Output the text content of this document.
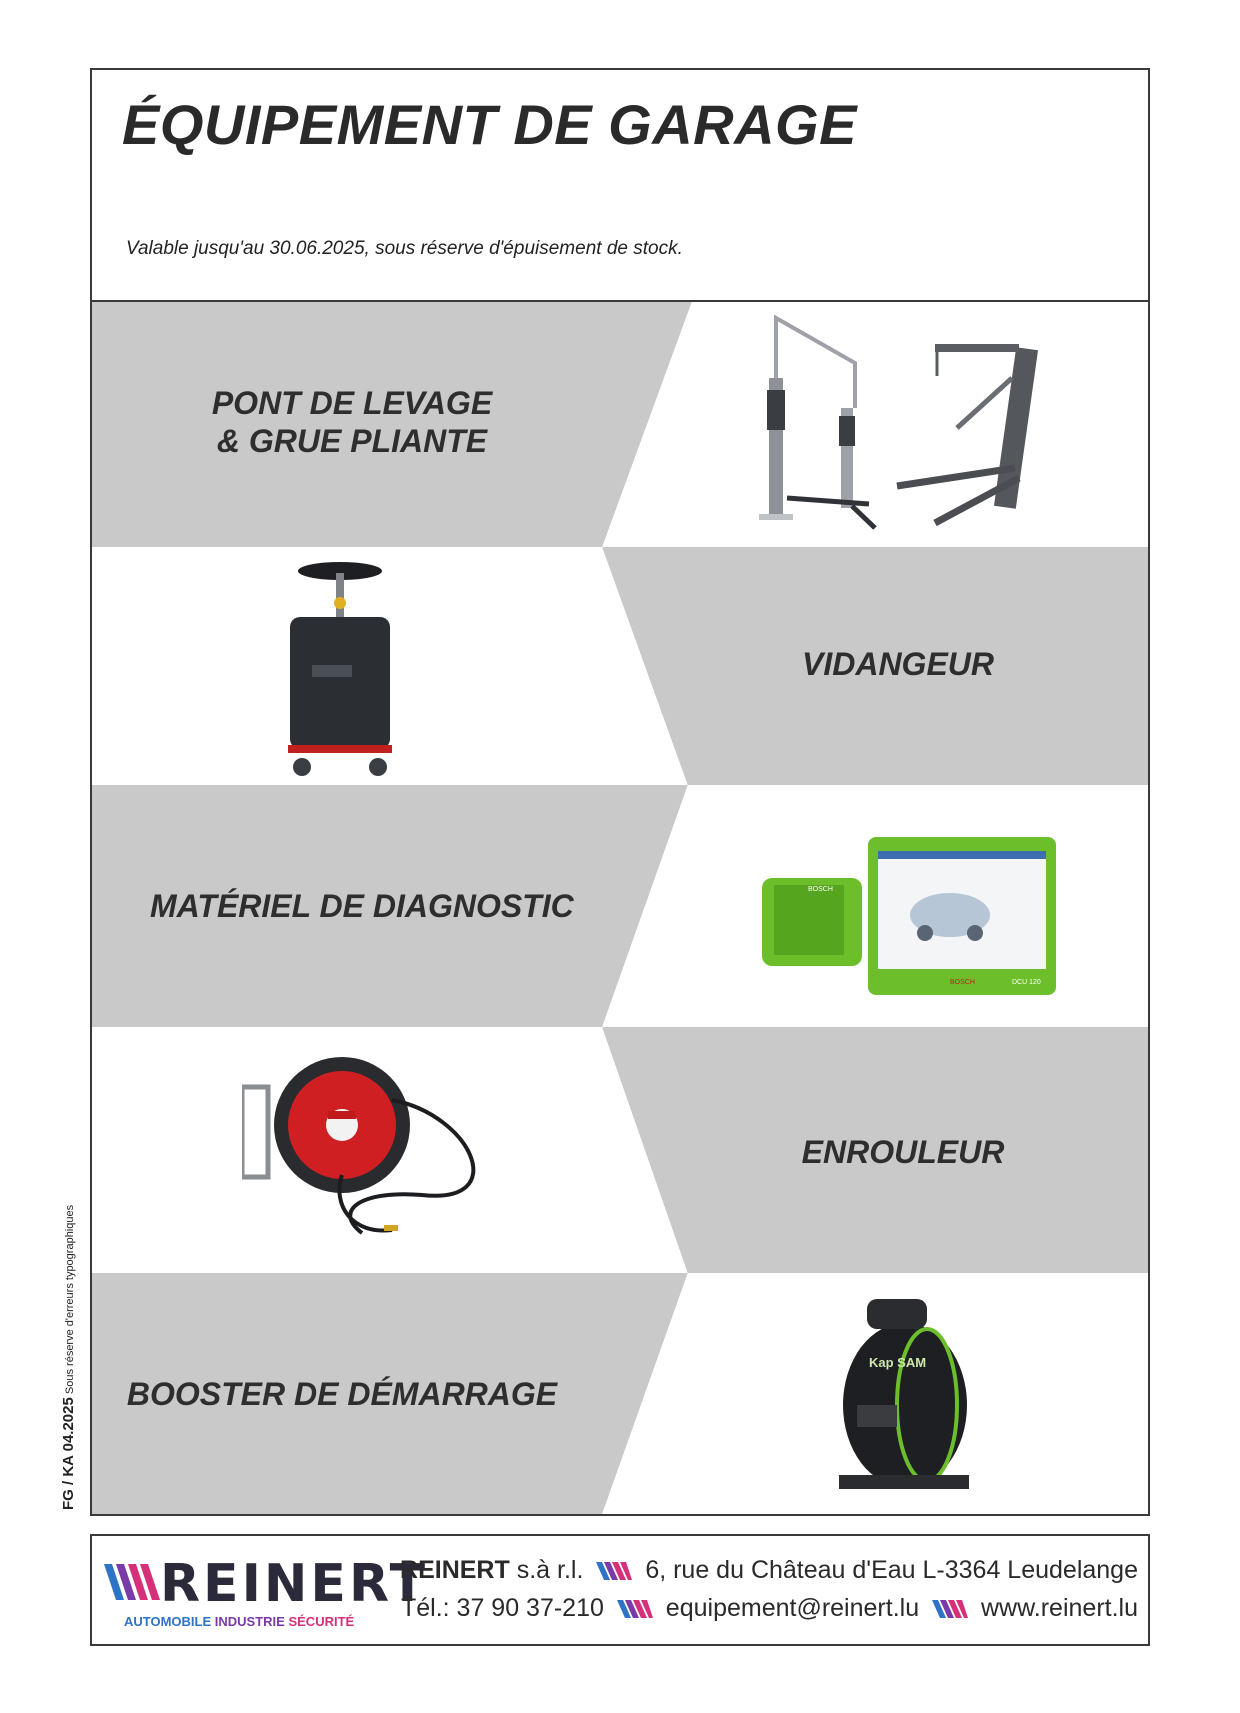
ÉQUIPEMENT DE GARAGE
Valable jusqu'au 30.06.2025, sous réserve d'épuisement de stock.
PONT DE LEVAGE
& GRUE PLIANTE
VIDANGEUR
MATÉRIEL DE DIAGNOSTIC	BOSCH
BOSCH	DCU 120
ENROULEUR
BOOSTER DE DÉMARRAGE
Kap SAM
FG / KA 04.2025 Sous réserve d'erreurs typographiques
REINERT
AUTOMOBILE INDUSTRIE SÉCURITÉ
REINERT s.à r.l. 6, rue du Château d'Eau L-3364 Leudelange
Tél.: 37 90 37-210 equipement@reinert.lu www.reinert.lu
